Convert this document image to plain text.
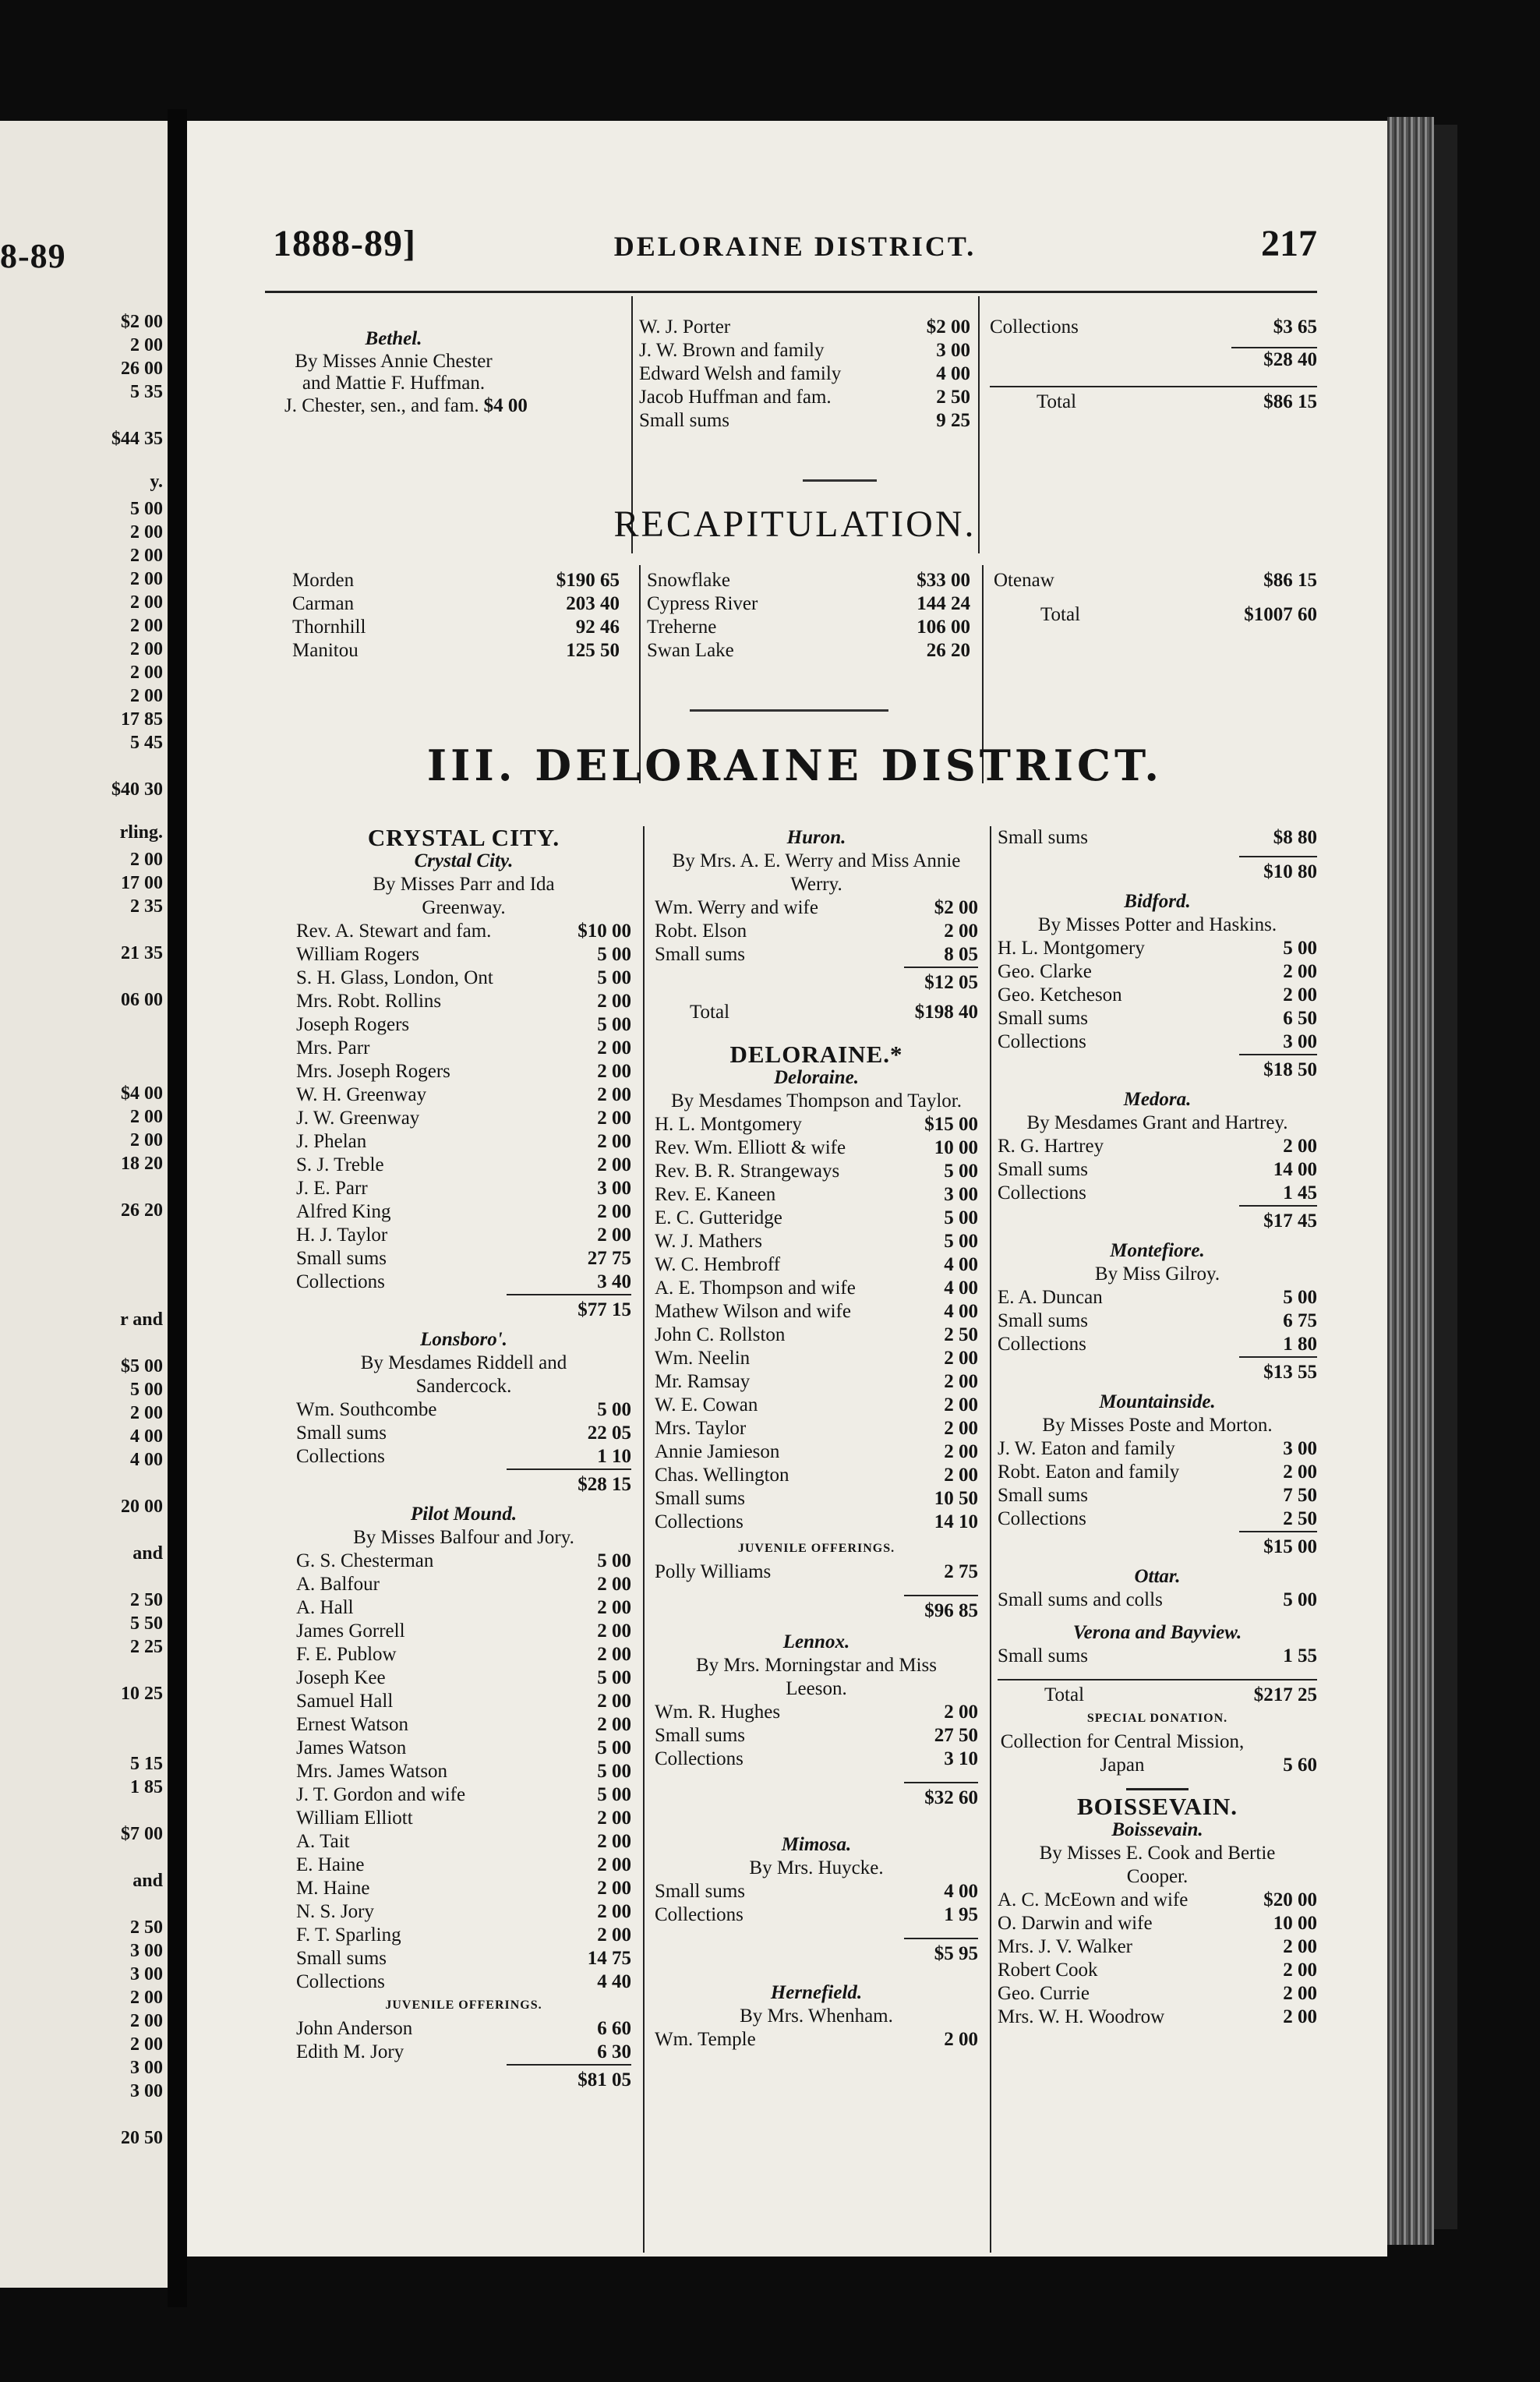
8-89
$2 00
2 00
26 00
5 35
$44 35
y.
5 00
2 00
2 00
2 00
2 00
2 00
2 00
2 00
2 00
17 85
5 45
$40 30
rling.
2 00
17 00
2 35
21 35
06 00
$4 00
2 00
2 00
18 20
26 20
r and
$5 00
5 00
2 00
4 00
4 00
20 00
and
2 50
5 50
2 25
10 25
5 15
1 85
$7 00
and
2 50
3 00
3 00
2 00
2 00
2 00
3 00
3 00
20 50
1888-89]	DELORAINE DISTRICT.	217
Bethel.
By Misses Annie Chester and Mattie F. Huffman.
J. Chester, sen., and fam. $4 00
W. J. Porter	$2 00
J. W. Brown and family	3 00
Edward Welsh and family	4 00
Jacob Huffman and fam.	2 50
Small sums	9 25
Collections	$3 65
$28 40
Total	$86 15
RECAPITULATION.
Morden	$190 65
Carman	203 40
Thornhill	92 46
Manitou	125 50
Snowflake	$33 00
Cypress River	144 24
Treherne	106 00
Swan Lake	26 20
Otenaw	$86 15
Total	$1007 60
III. DELORAINE DISTRICT.
CRYSTAL CITY.
Crystal City.
By Misses Parr and Ida Greenway.
Rev. A. Stewart and fam.	$10 00
William Rogers	5 00
S. H. Glass, London, Ont	5 00
Mrs. Robt. Rollins	2 00
Joseph Rogers	5 00
Mrs. Parr	2 00
Mrs. Joseph Rogers	2 00
W. H. Greenway	2 00
J. W. Greenway	2 00
J. Phelan	2 00
S. J. Treble	2 00
J. E. Parr	3 00
Alfred King	2 00
H. J. Taylor	2 00
Small sums	27 75
Collections	3 40
$77 15
Lonsboro'.
By Mesdames Riddell and Sandercock.
Wm. Southcombe	5 00
Small sums	22 05
Collections	1 10
$28 15
Pilot Mound.
By Misses Balfour and Jory.
G. S. Chesterman	5 00
A. Balfour	2 00
A. Hall	2 00
James Gorrell	2 00
F. E. Publow	2 00
Joseph Kee	5 00
Samuel Hall	2 00
Ernest Watson	2 00
James Watson	5 00
Mrs. James Watson	5 00
J. T. Gordon and wife	5 00
William Elliott	2 00
A. Tait	2 00
E. Haine	2 00
M. Haine	2 00
N. S. Jory	2 00
F. T. Sparling	2 00
Small sums	14 75
Collections	4 40
JUVENILE OFFERINGS.
John Anderson	6 60
Edith M. Jory	6 30
$81 05
Huron.
By Mrs. A. E. Werry and Miss Annie Werry.
Wm. Werry and wife	$2 00
Robt. Elson	2 00
Small sums	8 05
$12 05
Total	$198 40
DELORAINE.*
Deloraine.
By Mesdames Thompson and Taylor.
H. L. Montgomery	$15 00
Rev. Wm. Elliott & wife	10 00
Rev. B. R. Strangeways	5 00
Rev. E. Kaneen	3 00
E. C. Gutteridge	5 00
W. J. Mathers	5 00
W. C. Hembroff	4 00
A. E. Thompson and wife	4 00
Mathew Wilson and wife	4 00
John C. Rollston	2 50
Wm. Neelin	2 00
Mr. Ramsay	2 00
W. E. Cowan	2 00
Mrs. Taylor	2 00
Annie Jamieson	2 00
Chas. Wellington	2 00
Small sums	10 50
Collections	14 10
JUVENILE OFFERINGS.
Polly Williams	2 75
$96 85
Lennox.
By Mrs. Morningstar and Miss Leeson.
Wm. R. Hughes	2 00
Small sums	27 50
Collections	3 10
$32 60
Mimosa.
By Mrs. Huycke.
Small sums	4 00
Collections	1 95
$5 95
Hernefield.
By Mrs. Whenham.
Wm. Temple	2 00
Small sums	$8 80
$10 80
Bidford.
By Misses Potter and Haskins.
H. L. Montgomery	5 00
Geo. Clarke	2 00
Geo. Ketcheson	2 00
Small sums	6 50
Collections	3 00
$18 50
Medora.
By Mesdames Grant and Hartrey.
R. G. Hartrey	2 00
Small sums	14 00
Collections	1 45
$17 45
Montefiore.
By Miss Gilroy.
E. A. Duncan	5 00
Small sums	6 75
Collections	1 80
$13 55
Mountainside.
By Misses Poste and Morton.
J. W. Eaton and family	3 00
Robt. Eaton and family	2 00
Small sums	7 50
Collections	2 50
$15 00
Ottar.
Small sums and colls	5 00
Verona and Bayview.
Small sums	1 55
Total	$217 25
SPECIAL DONATION.
Collection for Central Mission, Japan	5 60
BOISSEVAIN.
Boissevain.
By Misses E. Cook and Bertie Cooper.
A. C. McEown and wife	$20 00
O. Darwin and wife	10 00
Mrs. J. V. Walker	2 00
Robert Cook	2 00
Geo. Currie	2 00
Mrs. W. H. Woodrow	2 00
